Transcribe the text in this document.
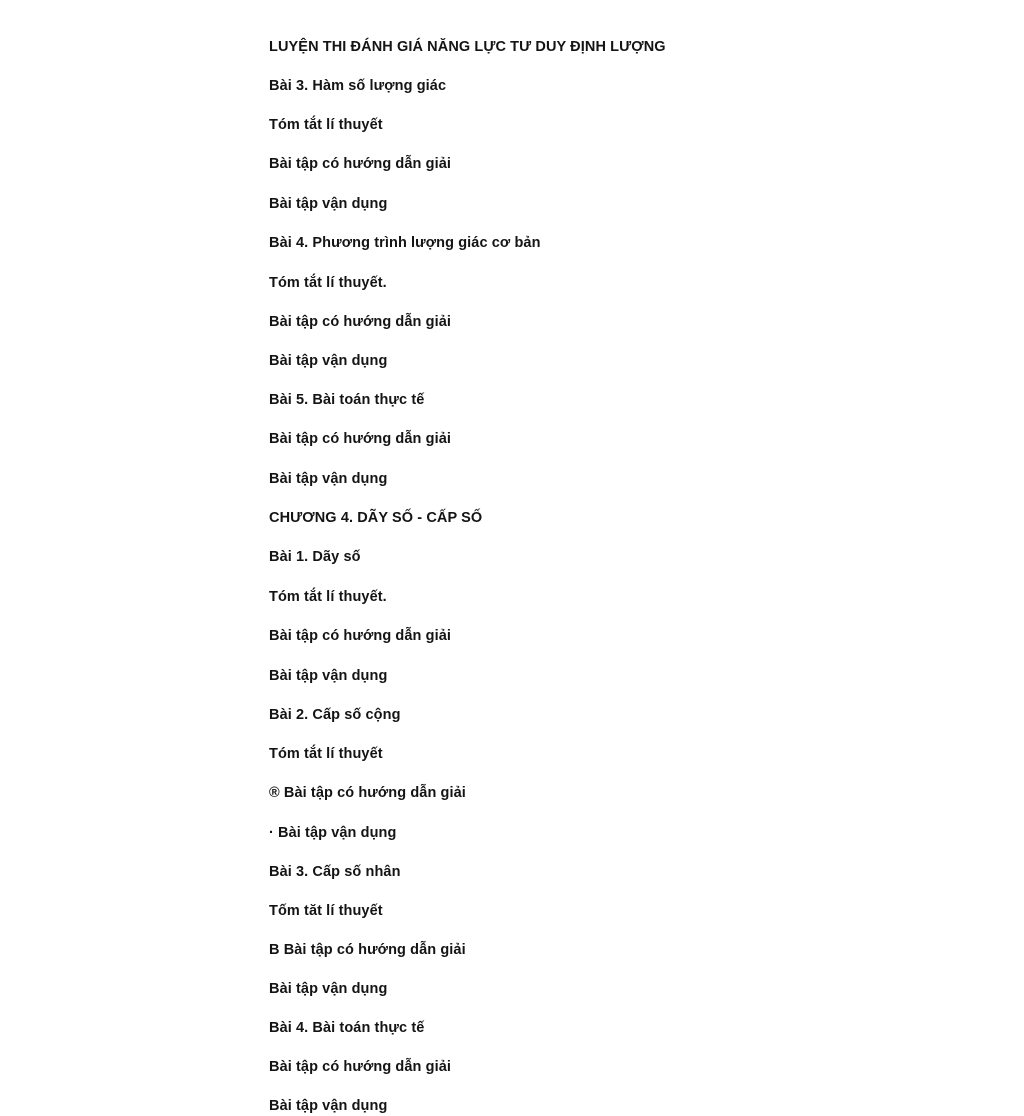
LUYỆN THI ĐÁNH GIÁ NĂNG LỰC TƯ DUY ĐỊNH LƯỢNG
Bài 3. Hàm số lượng giác
Tóm tắt lí thuyết
Bài tập có hướng dẫn giải
Bài tập vận dụng
Bài 4. Phương trình lượng giác cơ bản
Tóm tắt lí thuyết.
Bài tập có hướng dẫn giải
Bài tập vận dụng
Bài 5. Bài toán thực tế
Bài tập có hướng dẫn giải
Bài tập vận dụng
CHƯƠNG 4. DÃY SỐ - CẤP SỐ
Bài 1. Dãy số
Tóm tắt lí thuyết.
Bài tập có hướng dẫn giải
Bài tập vận dụng
Bài 2. Cấp số cộng
Tóm tắt lí thuyết
® Bài tập có hướng dẫn giải
· Bài tập vận dụng
Bài 3. Cấp số nhân
Tốm tăt lí thuyết
B Bài tập có hướng dẫn giải
Bài tập vận dụng
Bài 4. Bài toán thực tế
Bài tập có hướng dẫn giải
Bài tập vận dụng
